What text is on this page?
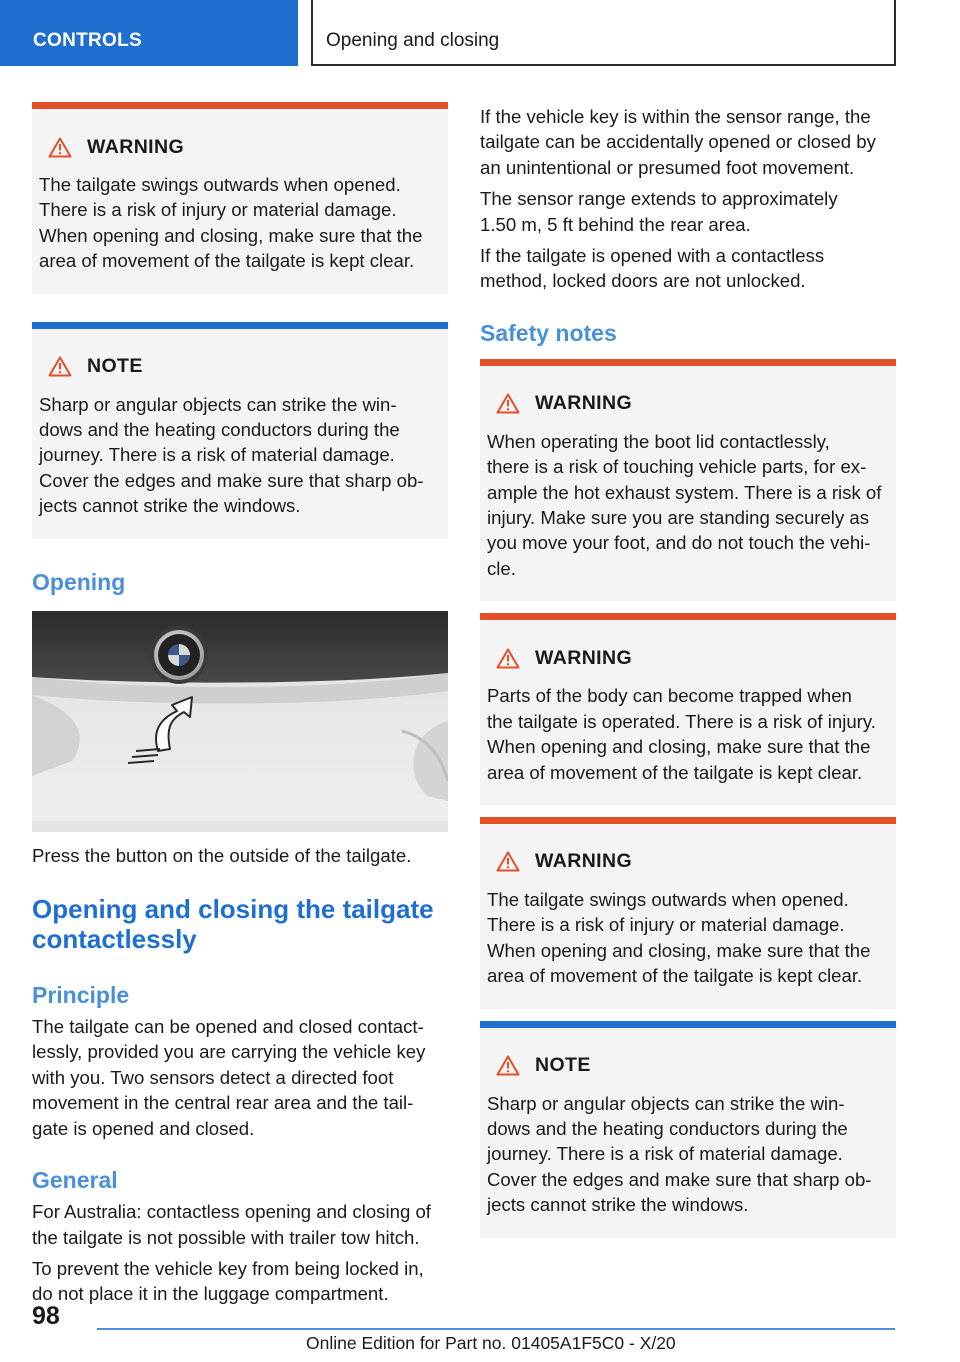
CONTROLS	Opening and closing
WARNING
The tailgate swings outwards when opened.
There is a risk of injury or material damage.
When opening and closing, make sure that the
area of movement of the tailgate is kept clear.
NOTE
Sharp or angular objects can strike the win-
dows and the heating conductors during the
journey. There is a risk of material damage.
Cover the edges and make sure that sharp ob-
jects cannot strike the windows.
Opening
Press the button on the outside of the tailgate.
Opening and closing the tailgate
contactlessly
Principle
The tailgate can be opened and closed contact-
lessly, provided you are carrying the vehicle key
with you. Two sensors detect a directed foot
movement in the central rear area and the tail-
gate is opened and closed.
General
For Australia: contactless opening and closing of
the tailgate is not possible with trailer tow hitch.
To prevent the vehicle key from being locked in,
do not place it in the luggage compartment.
If the vehicle key is within the sensor range, the
tailgate can be accidentally opened or closed by
an unintentional or presumed foot movement.
The sensor range extends to approximately
1.50 m, 5 ft behind the rear area.
If the tailgate is opened with a contactless
method, locked doors are not unlocked.
Safety notes
WARNING
When operating the boot lid contactlessly,
there is a risk of touching vehicle parts, for ex-
ample the hot exhaust system. There is a risk of
injury. Make sure you are standing securely as
you move your foot, and do not touch the vehi-
cle.
WARNING
Parts of the body can become trapped when
the tailgate is operated. There is a risk of injury.
When opening and closing, make sure that the
area of movement of the tailgate is kept clear.
WARNING
The tailgate swings outwards when opened.
There is a risk of injury or material damage.
When opening and closing, make sure that the
area of movement of the tailgate is kept clear.
NOTE
Sharp or angular objects can strike the win-
dows and the heating conductors during the
journey. There is a risk of material damage.
Cover the edges and make sure that sharp ob-
jects cannot strike the windows.
98
Online Edition for Part no. 01405A1F5C0 - X/20
